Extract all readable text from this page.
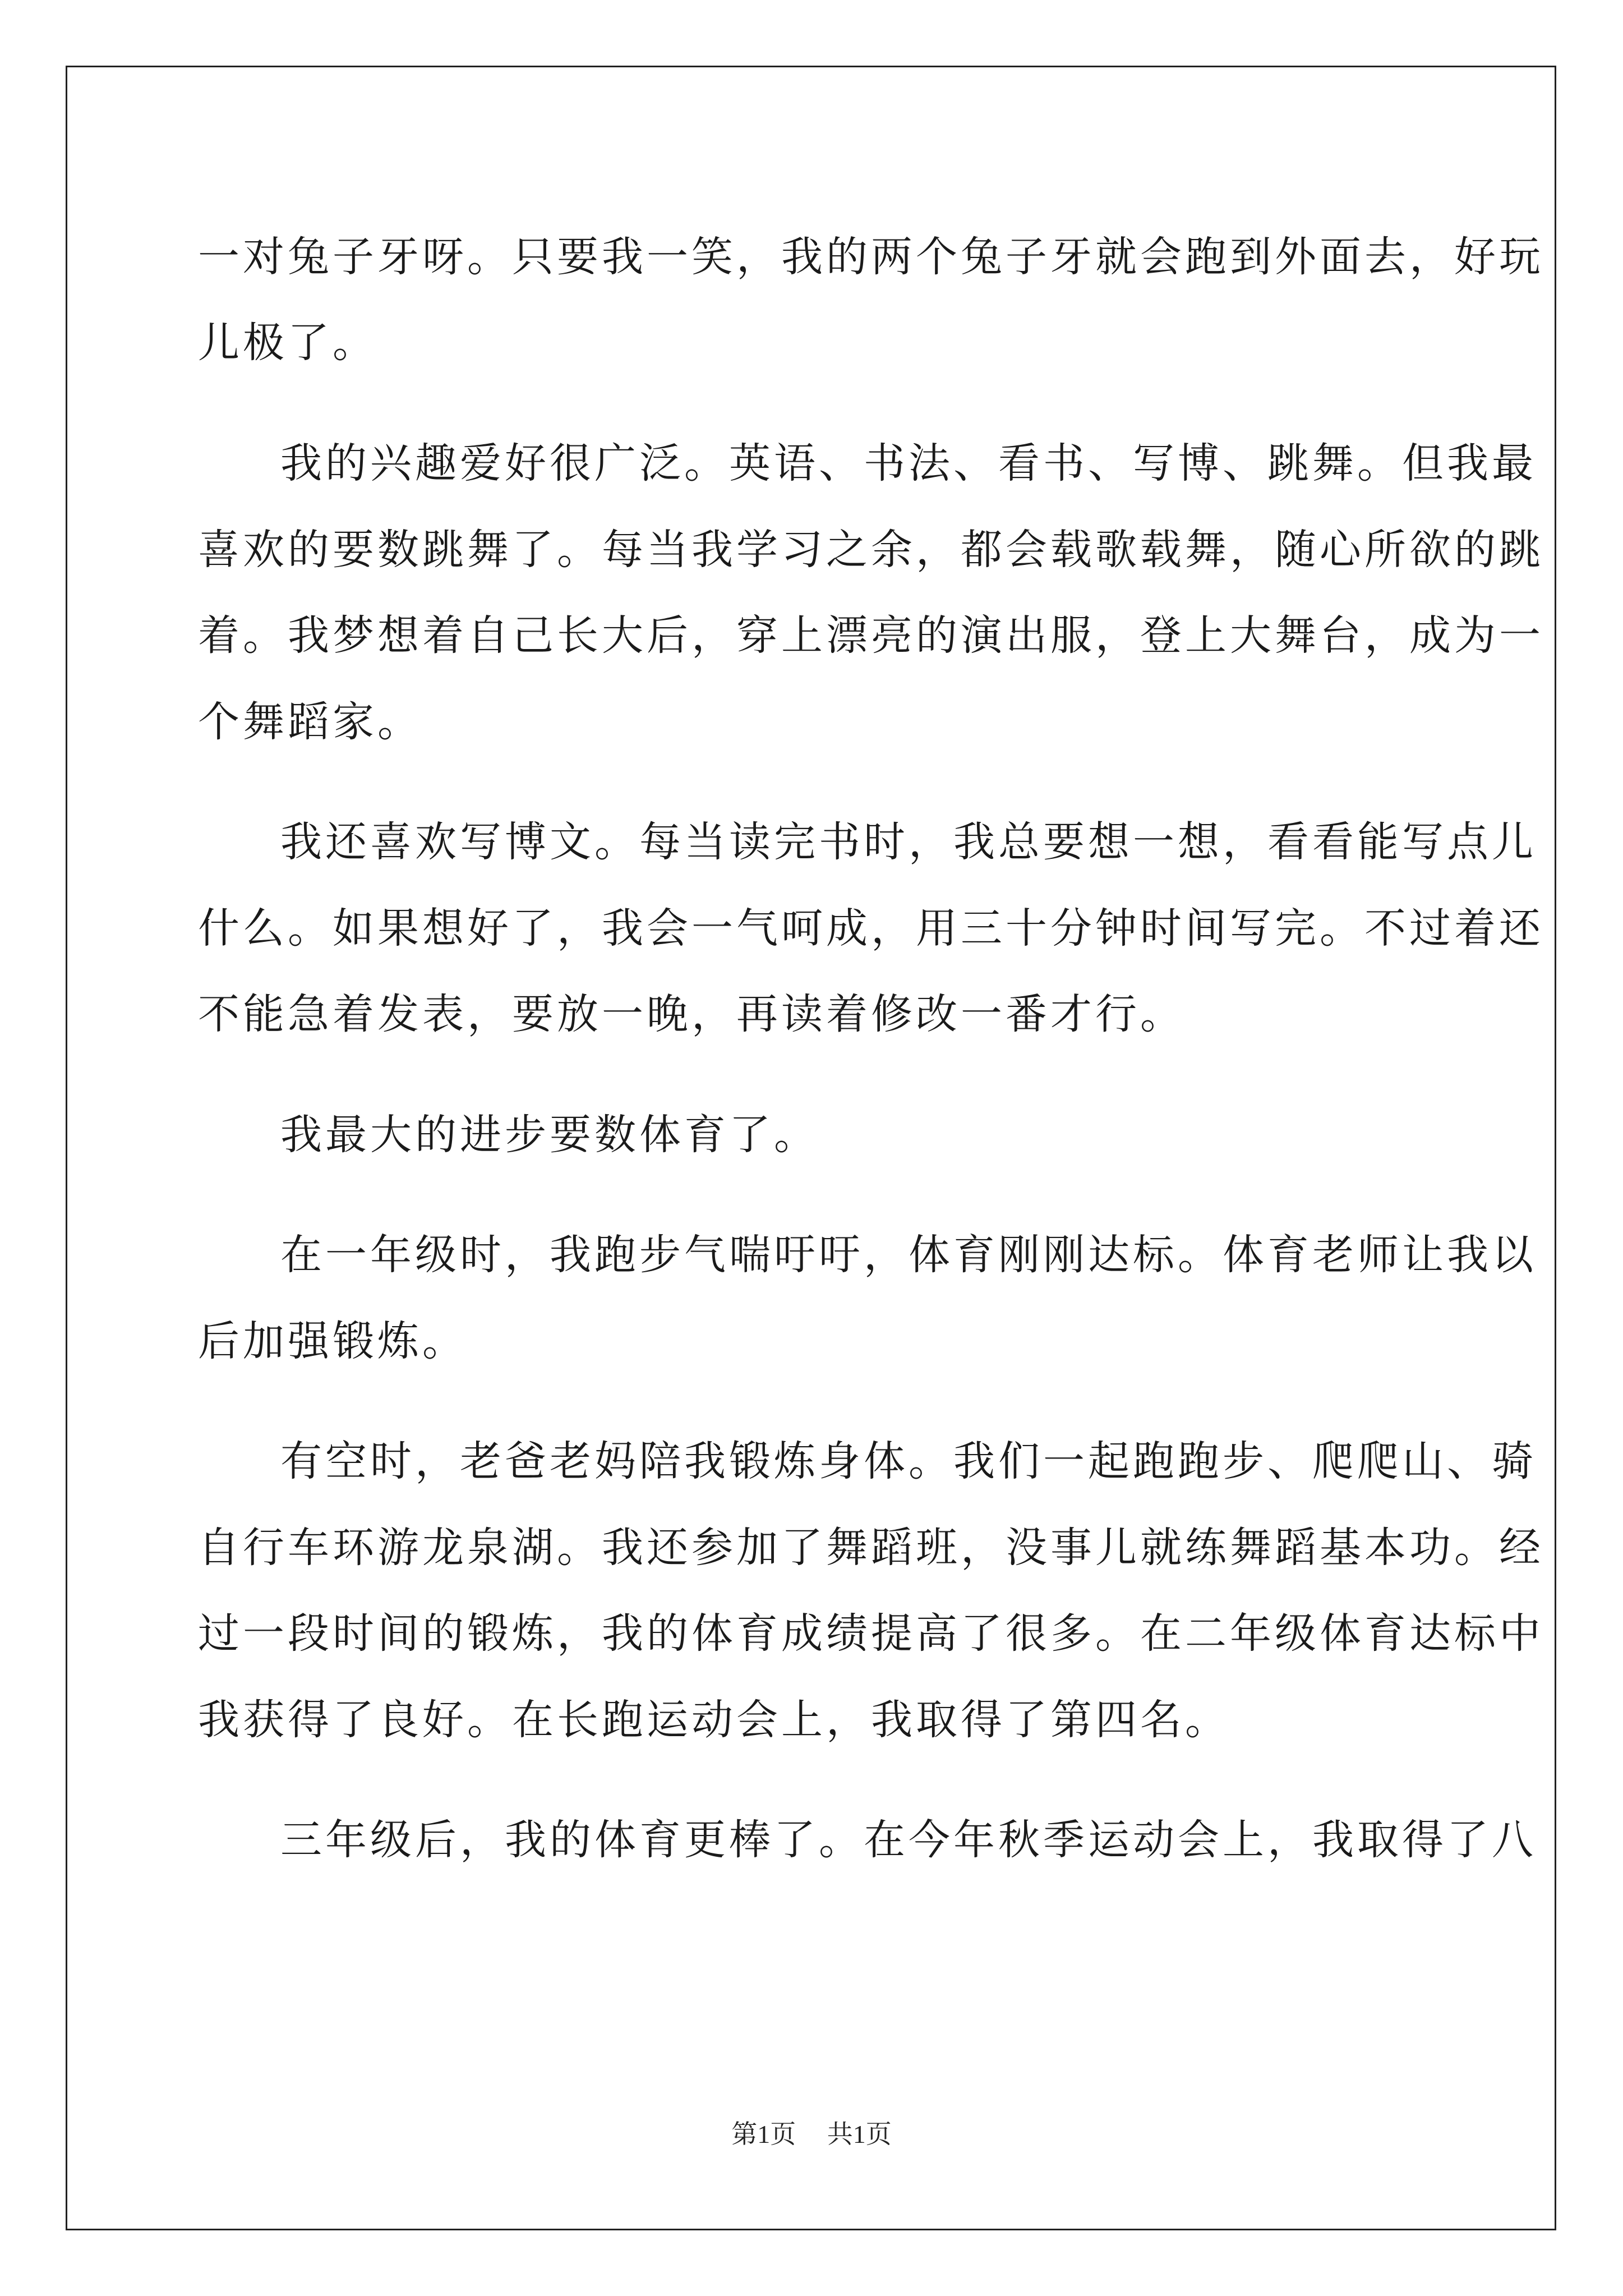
一对兔子牙呀。只要我一笑，我的两个兔子牙就会跑到外面去，好玩
儿极了。
我的兴趣爱好很广泛。英语、书法、看书、写博、跳舞。但我最
喜欢的要数跳舞了。每当我学习之余，都会载歌载舞，随心所欲的跳
着。我梦想着自己长大后，穿上漂亮的演出服，登上大舞台，成为一
个舞蹈家。
我还喜欢写博文。每当读完书时，我总要想一想，看看能写点儿
什么。如果想好了，我会一气呵成，用三十分钟时间写完。不过着还
不能急着发表，要放一晚，再读着修改一番才行。
我最大的进步要数体育了。
在一年级时，我跑步气喘吁吁，体育刚刚达标。体育老师让我以
后加强锻炼。
有空时，老爸老妈陪我锻炼身体。我们一起跑跑步、爬爬山、骑
自行车环游龙泉湖。我还参加了舞蹈班，没事儿就练舞蹈基本功。经
过一段时间的锻炼，我的体育成绩提高了很多。在二年级体育达标中
我获得了良好。在长跑运动会上，我取得了第四名。
三年级后，我的体育更棒了。在今年秋季运动会上，我取得了八
第1页 共1页
